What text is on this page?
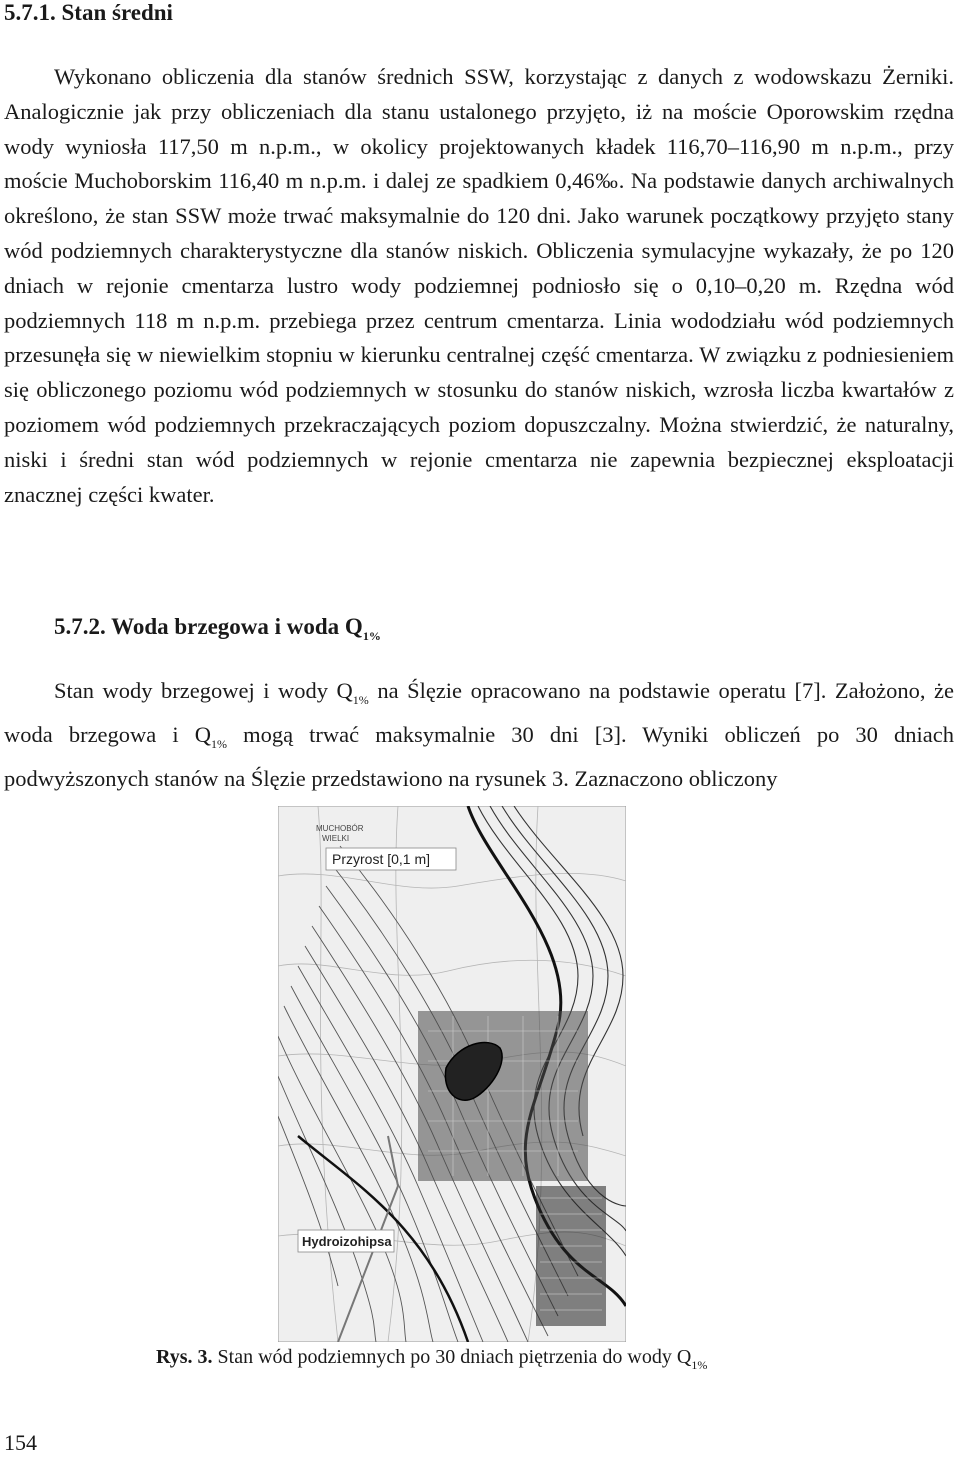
5.7.1. Stan średni
Wykonano obliczenia dla stanów średnich SSW, korzystając z danych z wodowskazu Żerniki. Analogicznie jak przy obliczeniach dla stanu ustalonego przyjęto, iż na moście Oporowskim rzędna wody wyniosła 117,50 m n.p.m., w okolicy projektowanych kładek 116,70–116,90 m n.p.m., przy moście Muchoborskim 116,40 m n.p.m. i dalej ze spadkiem 0,46‰. Na podstawie danych archiwalnych określono, że stan SSW może trwać maksymalnie do 120 dni. Jako warunek początkowy przyjęto stany wód podziemnych charakterystyczne dla stanów niskich. Obliczenia symulacyjne wykazały, że po 120 dniach w rejonie cmentarza lustro wody podziemnej podniosło się o 0,10–0,20 m. Rzędna wód podziemnych 118 m n.p.m. przebiega przez centrum cmentarza. Linia wododziału wód podziemnych przesunęła się w niewielkim stopniu w kierunku centralnej część cmentarza. W związku z podniesieniem się obliczonego poziomu wód podziemnych w stosunku do stanów niskich, wzrosła liczba kwartałów z poziomem wód podziemnych przekraczających poziom dopuszczalny. Można stwierdzić, że naturalny, niski i średni stan wód podziemnych w rejonie cmentarza nie zapewnia bezpiecznej eksploatacji znacznej części kwater.
5.7.2. Woda brzegowa i woda $Q_{1\%}$
Stan wody brzegowej i wody $Q_{1\%}$ na Ślęzie opracowano na podstawie operatu [7]. Założono, że woda brzegowa i $Q_{1\%}$ mogą trwać maksymalnie 30 dni [3]. Wyniki obliczeń po 30 dniach podwyższonych stanów na Ślęzie przedstawiono na rysunek 3. Zaznaczono obliczony
MUCHOBÓR
WIELKI
Przyrost [0,1 m]
Hydroizohipsa
Rys. 3. Stan wód podziemnych po 30 dniach piętrzenia do wody $Q_{1\%}$
154
